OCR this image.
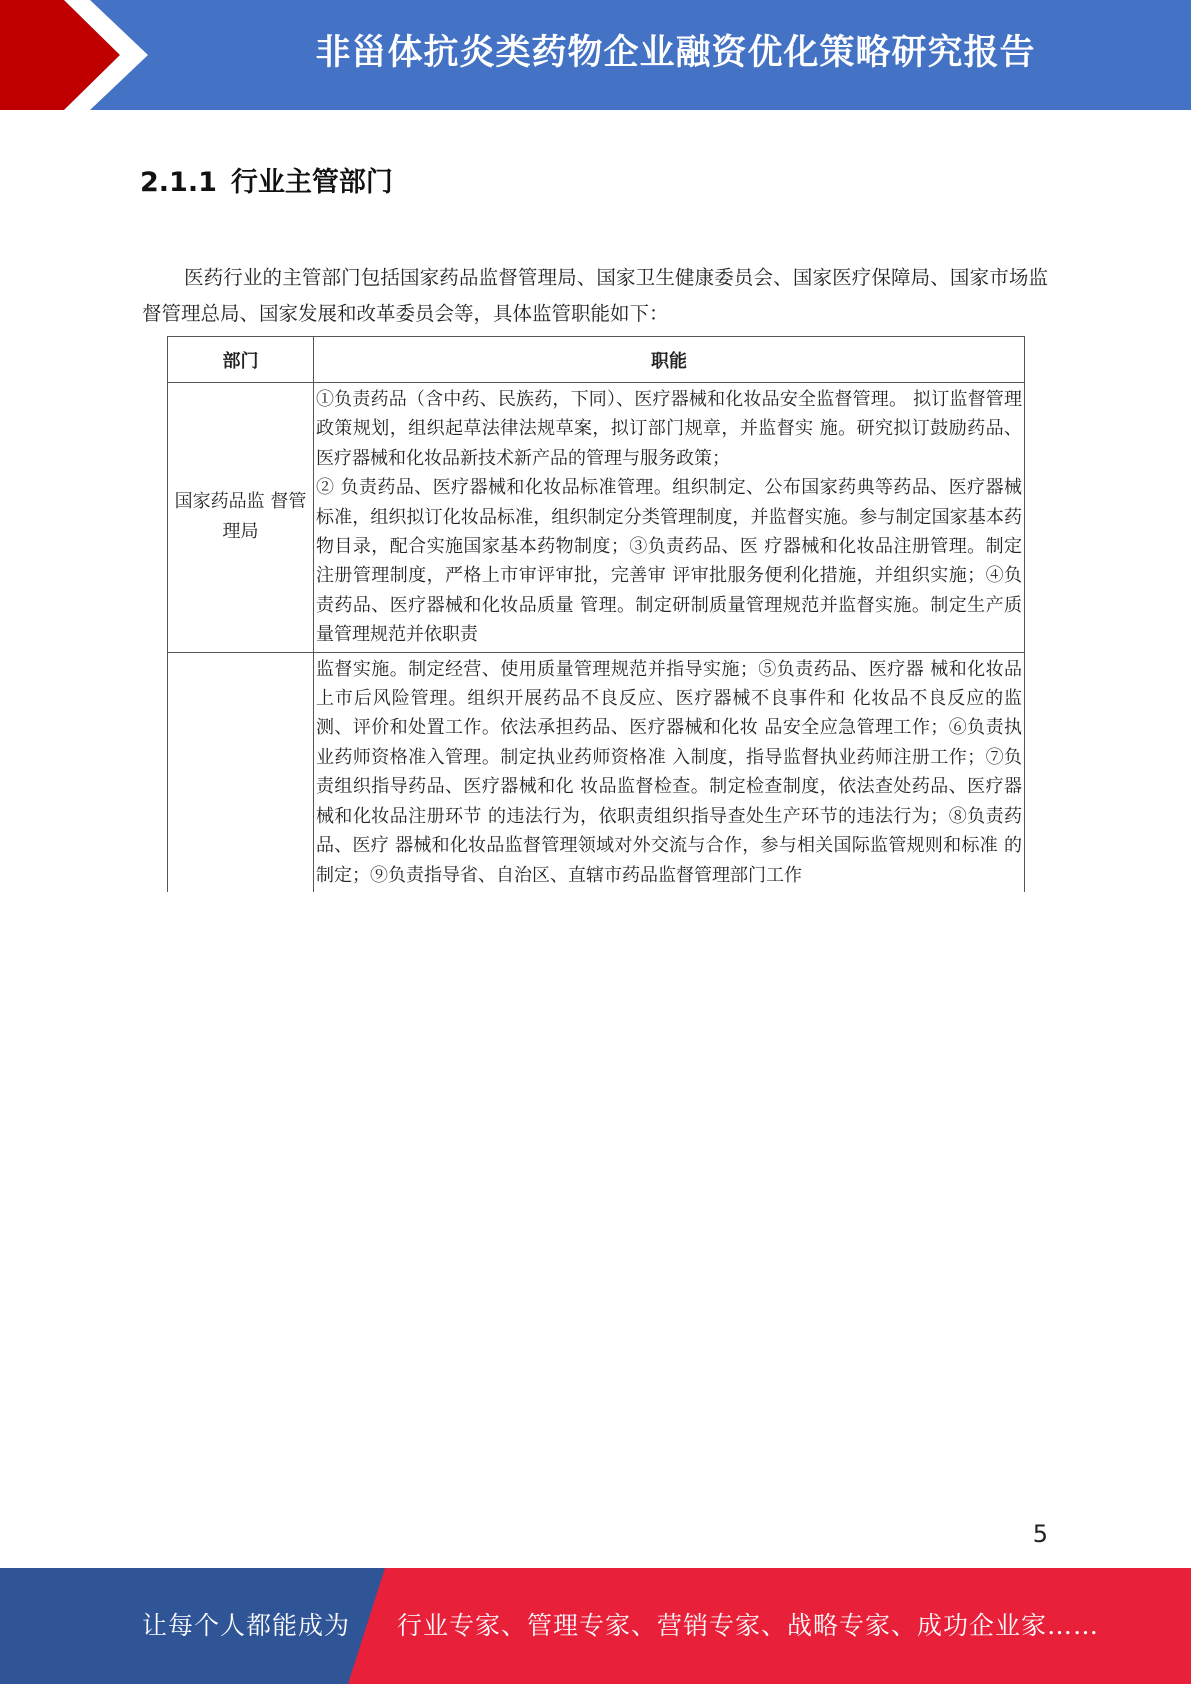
非甾体抗炎类药物企业融资优化策略研究报告
2.1.1 行业主管部门

医药行业的主管部门包括国家药品监督管理局、国家卫生健康委员会、国家医疗保障局、国家市场监督管理总局、国家发展和改革委员会等，具体监管职能如下：

部门	职能
国家药品监 督管理局	①负责药品（含中药、民族药，下同）、医疗器械和化妆品安全监督管理。 拟订监督管理政策规划，组织起草法律法规草案，拟订部门规章，并监督实 施。研究拟订鼓励药品、医疗器械和化妆品新技术新产品的管理与服务政策；

② 负责药品、医疗器械和化妆品标准管理。组织制定、公布国家药典等药品、医疗器械标准，组织拟订化妆品标准，组织制定分类管理制度，并监督实施。参与制定国家基本药物目录，配合实施国家基本药物制度；③负责药品、医 疗器械和化妆品注册管理。制定注册管理制度，严格上市审评审批，完善审 评审批服务便利化措施，并组织实施；④负责药品、医疗器械和化妆品质量 管理。制定研制质量管理规范并监督实施。制定生产质量管理规范并依职责

	监督实施。制定经营、使用质量管理规范并指导实施；⑤负责药品、医疗器 械和化妆品上市后风险管理。组织开展药品不良反应、医疗器械不良事件和 化妆品不良反应的监测、评价和处置工作。依法承担药品、医疗器械和化妆 品安全应急管理工作；⑥负责执业药师资格准入管理。制定执业药师资格准 入制度，指导监督执业药师注册工作；⑦负责组织指导药品、医疗器械和化 妆品监督检查。制定检查制度，依法查处药品、医疗器械和化妆品注册环节 的违法行为，依职责组织指导查处生产环节的违法行为；⑧负责药品、医疗 器械和化妆品监督管理领域对外交流与合作，参与相关国际监管规则和标准 的制定；⑨负责指导省、自治区、直辖市药品监督管理部门工作

5
让每个人都能成为 行业专家、管理专家、营销专家、战略专家、成功企业家……
